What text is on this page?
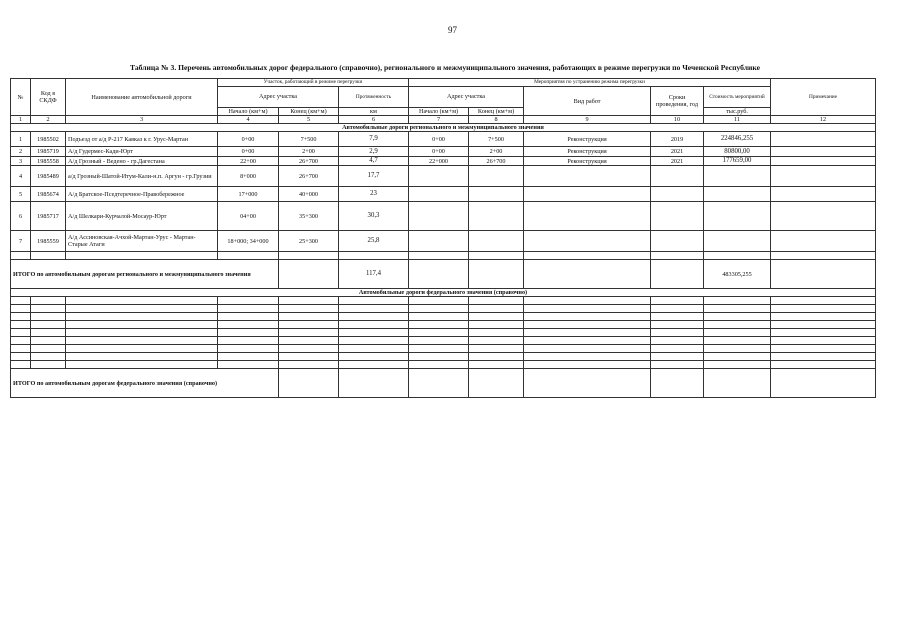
97
Таблица № 3. Перечень автомобильных дорог федерального (справочно), регионального и межмуниципального значения, работающих в режиме перегрузки по Чеченской Республике
№	Код в СКДФ	Наименование автомобильной дороги	Участок, работающий в режиме перегрузки			Мероприятия по устранению режима перегрузки					Примечание
			Адрес участка		Протяженность	Адрес участка		Вид работ	Сроки проведения, год	Стоимость мероприятий	
			Начало (км+м)	Конец (км+м)	км	Начало (км+м)	Конец (км+м)			тыс.руб.	
1	2	3	4	5	6	7	8	9	10	11	12
Автомобильные дороги регионального и межмуниципального значения											
1	1985502	Подъезд от а/д Р-217 Кавказ к г. Урус-Мартан	0+00	7+500	7,9	0+00	7+500	Реконструкция	2019	224846,255	
2	1985719	А/д Гудермес-Кади-Юрт	0+00	2+00	2,9	0+00	2+00	Реконструкция	2021	80800,00	
3	1985558	А/д Грозный - Ведено - гр.Дагестана	22+00	26+700	4,7	22+000	26+700	Реконструкция	2021	177659,00	
4	1985489	а/д Грозный-Шатой-Итум-Кали-н.п. Аргун - гр.Грузии	8+000	26+700	17,7						
5	1985674	А/д Братское-Пседтеречное-Правобережное	17+000	40+000	23						
6	1985717	А/д Шелкари-Курчалой-Мосаур-Юрт	04+00	35+300	30,3						
7	1985559	А/д Ассиновская-Ачхой-Мартан-Урус - Мартан-Старые Атаги	18+000; 34+000	25+300	25,8						

ИТОГО по автомобильным дорогам регионального и межмуниципального значения					117,4					483305,255	
Автомобильные дороги федерального значения (справочно)											

ИТОГО по автомобильным дорогам федерального значения (справочно)											
